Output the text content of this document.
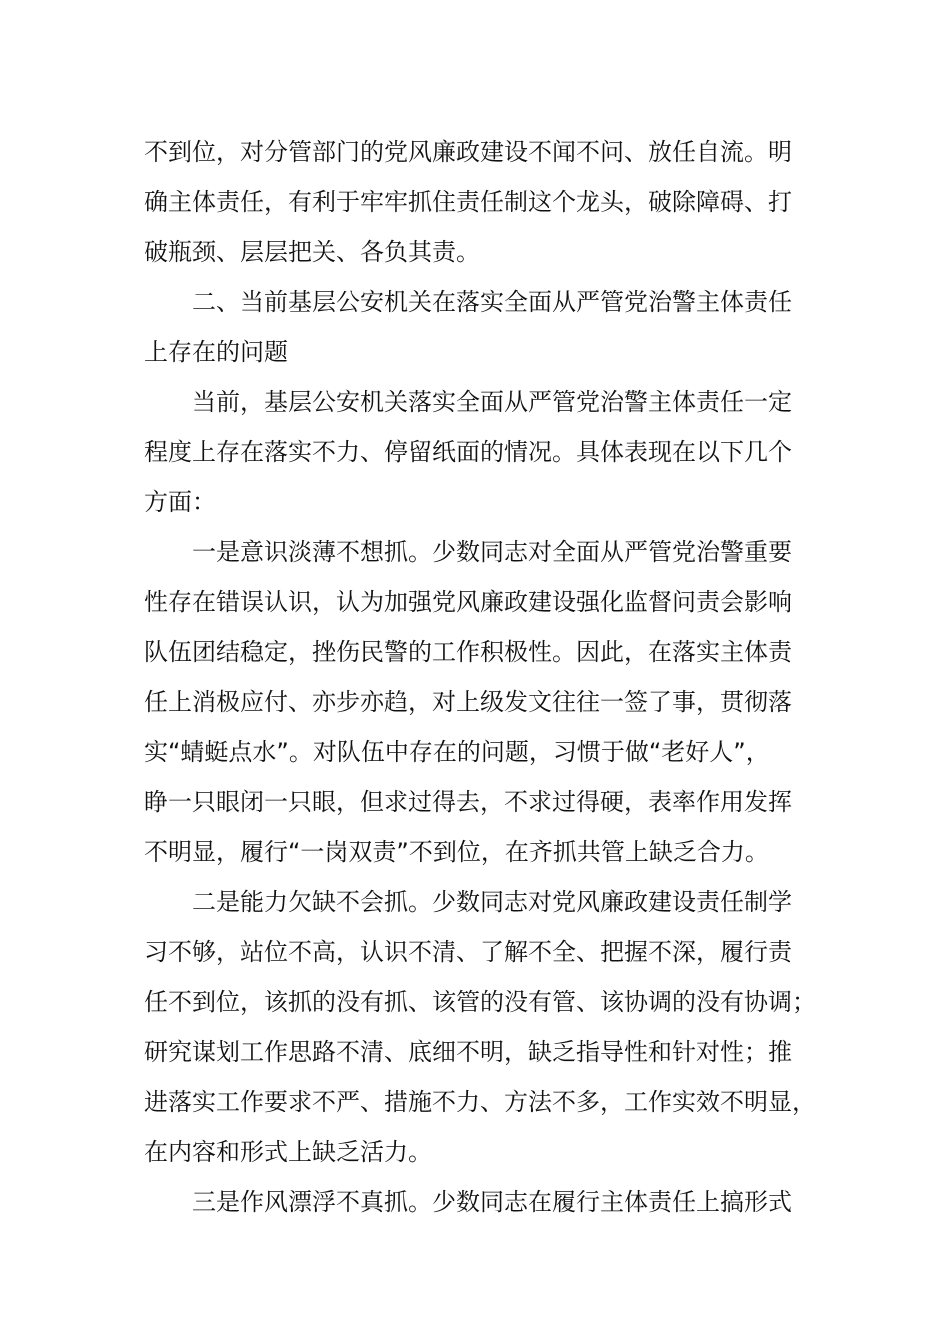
不到位，对分管部门的党风廉政建设不闻不问、放任自流。明
确主体责任，有利于牢牢抓住责任制这个龙头，破除障碍、打
破瓶颈、层层把关、各负其责。
二、当前基层公安机关在落实全面从严管党治警主体责任
上存在的问题
当前，基层公安机关落实全面从严管党治警主体责任一定
程度上存在落实不力、停留纸面的情况。具体表现在以下几个
方面：
一是意识淡薄不想抓。少数同志对全面从严管党治警重要
性存在错误认识，认为加强党风廉政建设强化监督问责会影响
队伍团结稳定，挫伤民警的工作积极性。因此，在落实主体责
任上消极应付、亦步亦趋，对上级发文往往一签了事，贯彻落
实“蜻蜓点水”。对队伍中存在的问题，习惯于做“老好人”，
睁一只眼闭一只眼，但求过得去，不求过得硬，表率作用发挥
不明显，履行“一岗双责”不到位，在齐抓共管上缺乏合力。
二是能力欠缺不会抓。少数同志对党风廉政建设责任制学
习不够，站位不高，认识不清、了解不全、把握不深，履行责
任不到位，该抓的没有抓、该管的没有管、该协调的没有协调；
研究谋划工作思路不清、底细不明，缺乏指导性和针对性；推
进落实工作要求不严、措施不力、方法不多，工作实效不明显，
在内容和形式上缺乏活力。
三是作风漂浮不真抓。少数同志在履行主体责任上搞形式
